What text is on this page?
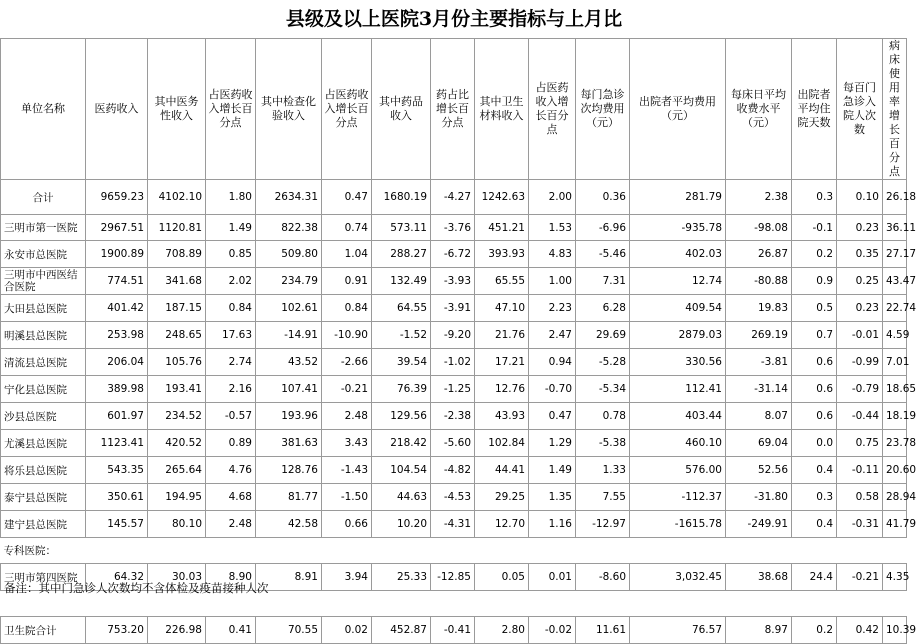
县级及以上医院3月份主要指标与上月比
单位名称	医药收入	其中医务性收入	占医药收入增长百分点	其中检查化验收入	占医药收入增长百分点	其中药品收入	药占比增长百分点	其中卫生材料收入	占医药收入增长百分点	每门急诊次均费用（元）	出院者平均费用（元）	每床日平均收费水平（元）	出院者平均住院天数	每百门急诊入院人次数	病床使用率增长百分点
合计	9659.23	4102.10	1.80	2634.31	0.47	1680.19	-4.27	1242.63	2.00	0.36	281.79	2.38	0.3	0.10	26.18
三明市第一医院	2967.51	1120.81	1.49	822.38	0.74	573.11	-3.76	451.21	1.53	-6.96	-935.78	-98.08	-0.1	0.23	36.11
永安市总医院	1900.89	708.89	0.85	509.80	1.04	288.27	-6.72	393.93	4.83	-5.46	402.03	26.87	0.2	0.35	27.17
三明市中西医结合医院	774.51	341.68	2.02	234.79	0.91	132.49	-3.93	65.55	1.00	7.31	12.74	-80.88	0.9	0.25	43.47
大田县总医院	401.42	187.15	0.84	102.61	0.84	64.55	-3.91	47.10	2.23	6.28	409.54	19.83	0.5	0.23	22.74
明溪县总医院	253.98	248.65	17.63	-14.91	-10.90	-1.52	-9.20	21.76	2.47	29.69	2879.03	269.19	0.7	-0.01	4.59
清流县总医院	206.04	105.76	2.74	43.52	-2.66	39.54	-1.02	17.21	0.94	-5.28	330.56	-3.81	0.6	-0.99	7.01
宁化县总医院	389.98	193.41	2.16	107.41	-0.21	76.39	-1.25	12.76	-0.70	-5.34	112.41	-31.14	0.6	-0.79	18.65
沙县总医院	601.97	234.52	-0.57	193.96	2.48	129.56	-2.38	43.93	0.47	0.78	403.44	8.07	0.6	-0.44	18.19
尤溪县总医院	1123.41	420.52	0.89	381.63	3.43	218.42	-5.60	102.84	1.29	-5.38	460.10	69.04	0.0	0.75	23.78
将乐县总医院	543.35	265.64	4.76	128.76	-1.43	104.54	-4.82	44.41	1.49	1.33	576.00	52.56	0.4	-0.11	20.60
泰宁县总医院	350.61	194.95	4.68	81.77	-1.50	44.63	-4.53	29.25	1.35	7.55	-112.37	-31.80	0.3	0.58	28.94
建宁县总医院	145.57	80.10	2.48	42.58	0.66	10.20	-4.31	12.70	1.16	-12.97	-1615.78	-249.91	0.4	-0.31	41.79
专科医院：															
三明市第四医院	64.32	30.03	8.90	8.91	3.94	25.33	-12.85	0.05	0.01	-8.60	3,032.45	38.68	24.4	-0.21	4.35

卫生院合计	753.20	226.98	0.41	70.55	0.02	452.87	-0.41	2.80	-0.02	11.61	76.57	8.97	0.2	0.42	10.39
备注：其中门急诊人次数均不含体检及疫苗接种人次
